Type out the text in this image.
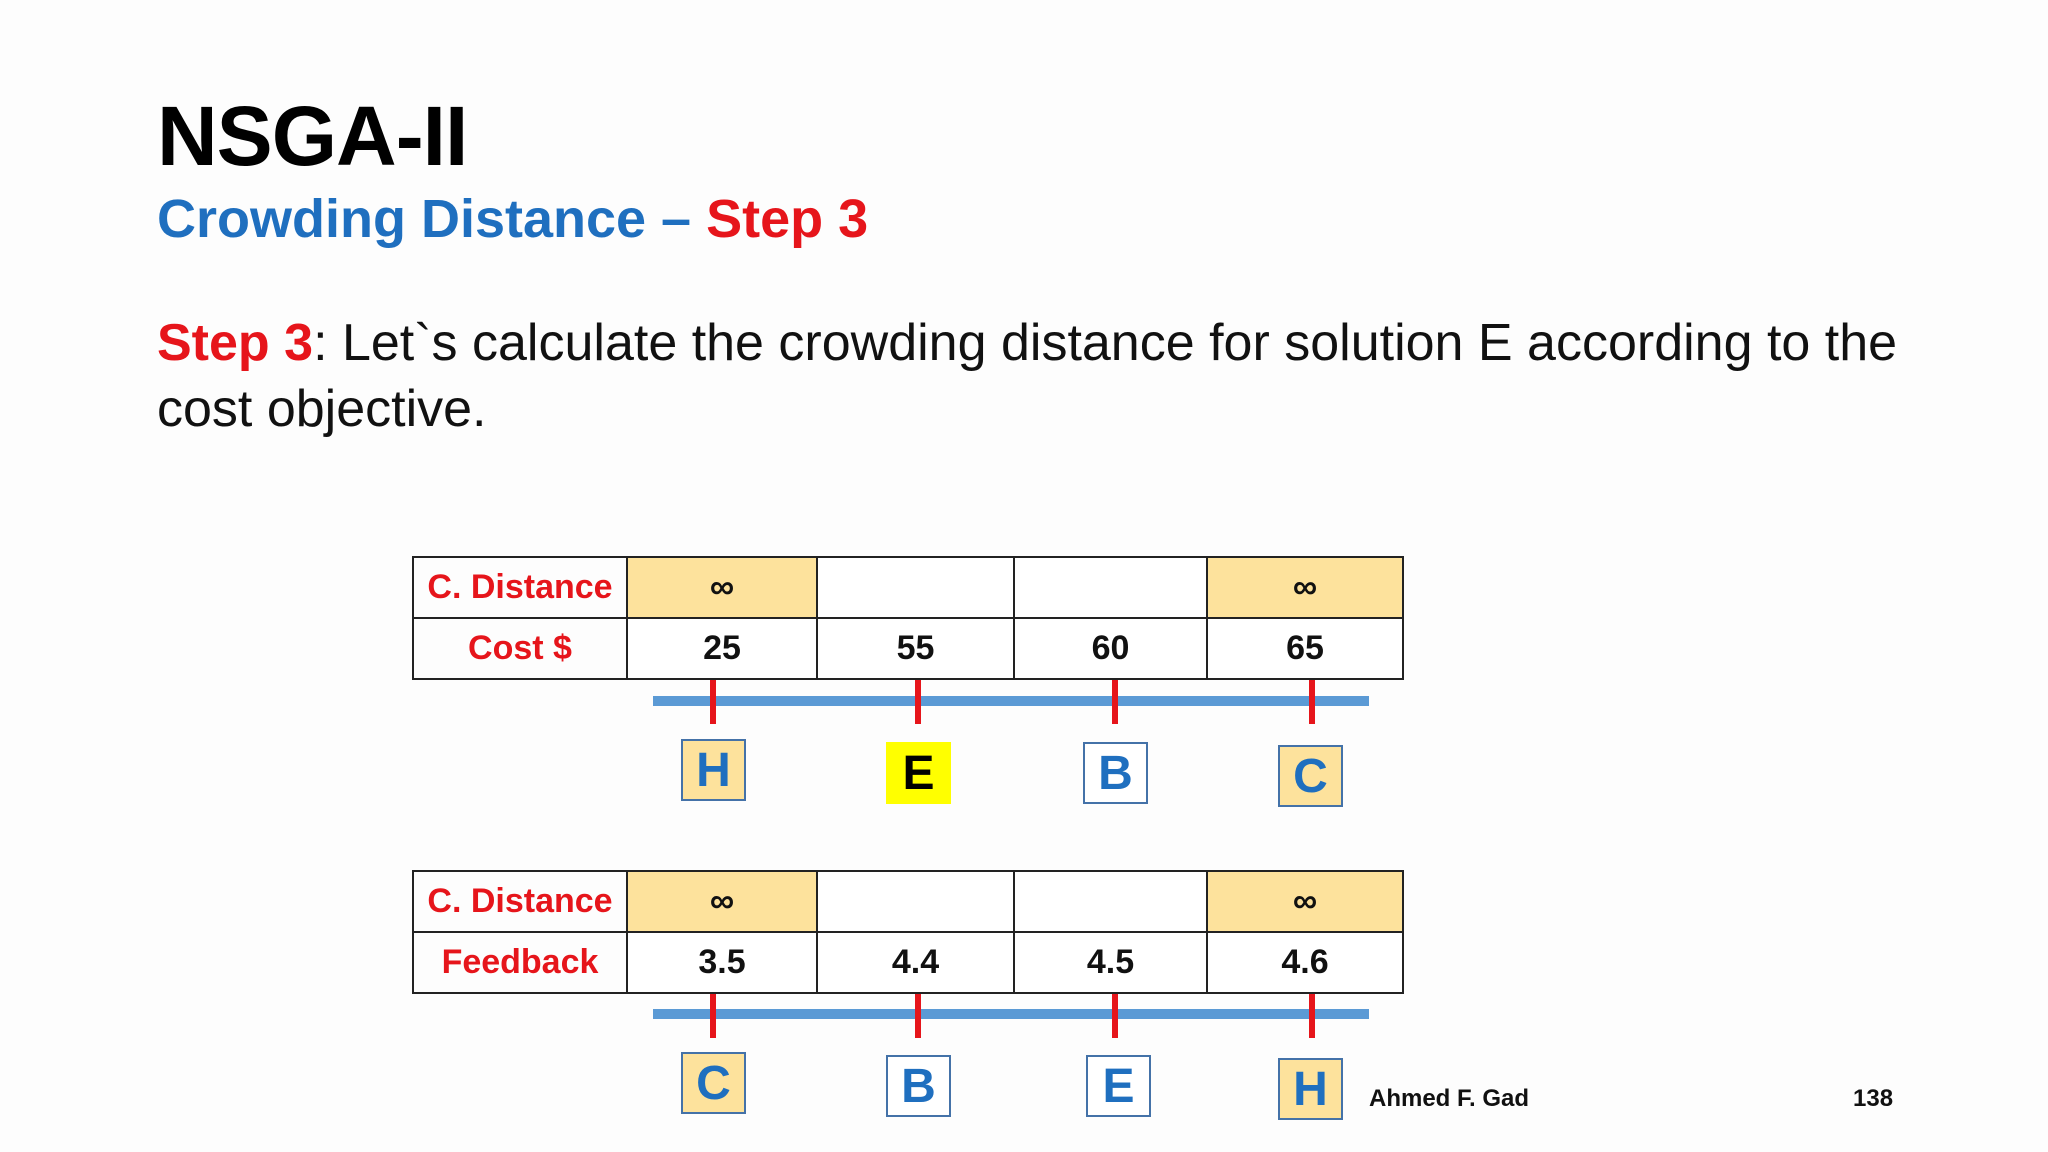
NSGA-II
Crowding Distance – Step 3

Step 3: Let`s calculate the crowding distance for solution E according to the cost objective.

C. Distance	∞			∞
Cost $	25	55	60	65
H	E	B	C
C. Distance	∞			∞
Feedback	3.5	4.4	4.5	4.6
C	B	E	H	Ahmed F. Gad	138
